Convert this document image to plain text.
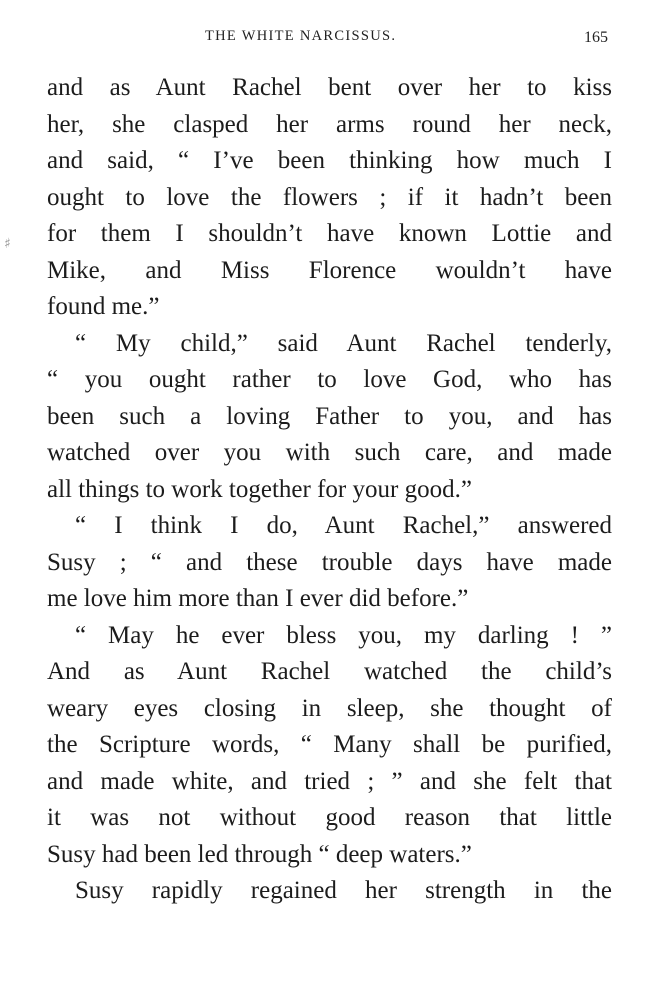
THE WHITE NARCISSUS.	165
♯
and as Aunt Rachel bent over her to kiss
her, she clasped her arms round her neck,
and said, “ I’ve been thinking how much I
ought to love the flowers ; if it hadn’t been
for them I shouldn’t have known Lottie and
Mike, and Miss Florence wouldn’t have
found me.”
“ My child,” said Aunt Rachel tenderly,
“ you ought rather to love God, who has
been such a loving Father to you, and has
watched over you with such care, and made
all things to work together for your good.”
“ I think I do, Aunt Rachel,” answered
Susy ; “ and these trouble days have made
me love him more than I ever did before.”
“ May he ever bless you, my darling ! ”
And as Aunt Rachel watched the child’s
weary eyes closing in sleep, she thought of
the Scripture words, “ Many shall be purified,
and made white, and tried ; ” and she felt that
it was not without good reason that little
Susy had been led through “ deep waters.”
Susy rapidly regained her strength in the
